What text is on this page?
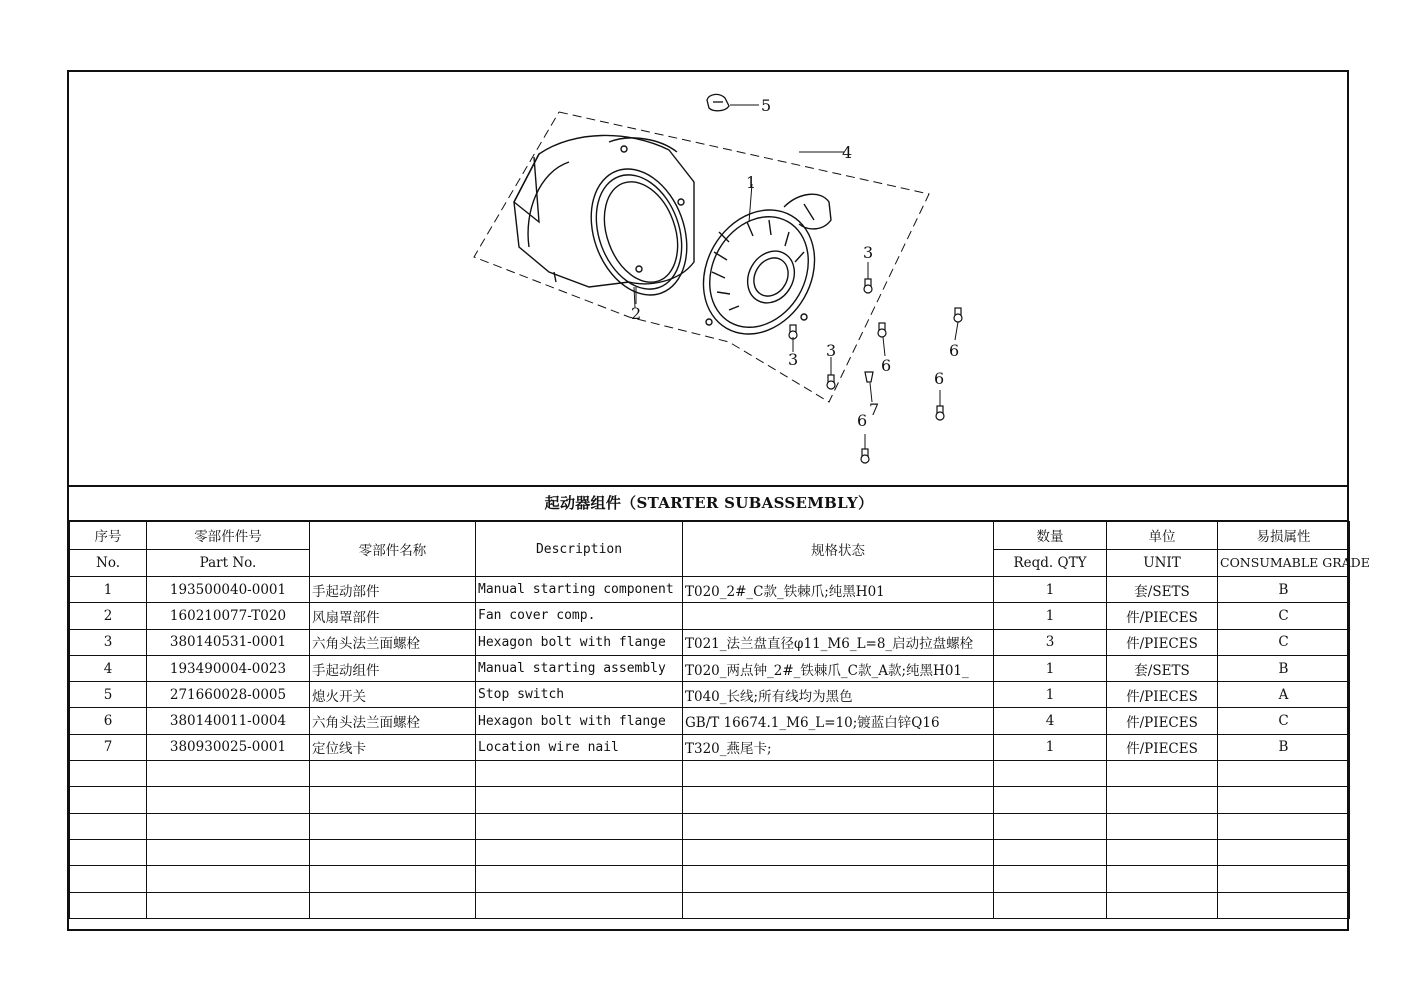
5
4
1
2
3
3 3
6
6
6
6
7
起动器组件（STARTER SUBASSEMBLY）
序号	零部件件号	零部件名称	Description	规格状态	数量	单位	易损属性
No.	Part No.				Reqd. QTY	UNIT	CONSUMABLE GRADE
1	193500040-0001	手起动部件	Manual starting component	T020_2#_C款_铁棘爪;纯黑H01	1	套/SETS	B
2	160210077-T020	风扇罩部件	Fan cover comp.		1	件/PIECES	C
3	380140531-0001	六角头法兰面螺栓	Hexagon bolt with flange	T021_法兰盘直径φ11_M6_L=8_启动拉盘螺栓	3	件/PIECES	C
4	193490004-0023	手起动组件	Manual starting assembly	T020_两点钟_2#_铁棘爪_C款_A款;纯黑H01_	1	套/SETS	B
5	271660028-0005	熄火开关	Stop switch	T040_长线;所有线均为黑色	1	件/PIECES	A
6	380140011-0004	六角头法兰面螺栓	Hexagon bolt with flange	GB/T 16674.1_M6_L=10;镀蓝白锌Q16	4	件/PIECES	C
7	380930025-0001	定位线卡	Location wire nail	T320_燕尾卡;	1	件/PIECES	B
